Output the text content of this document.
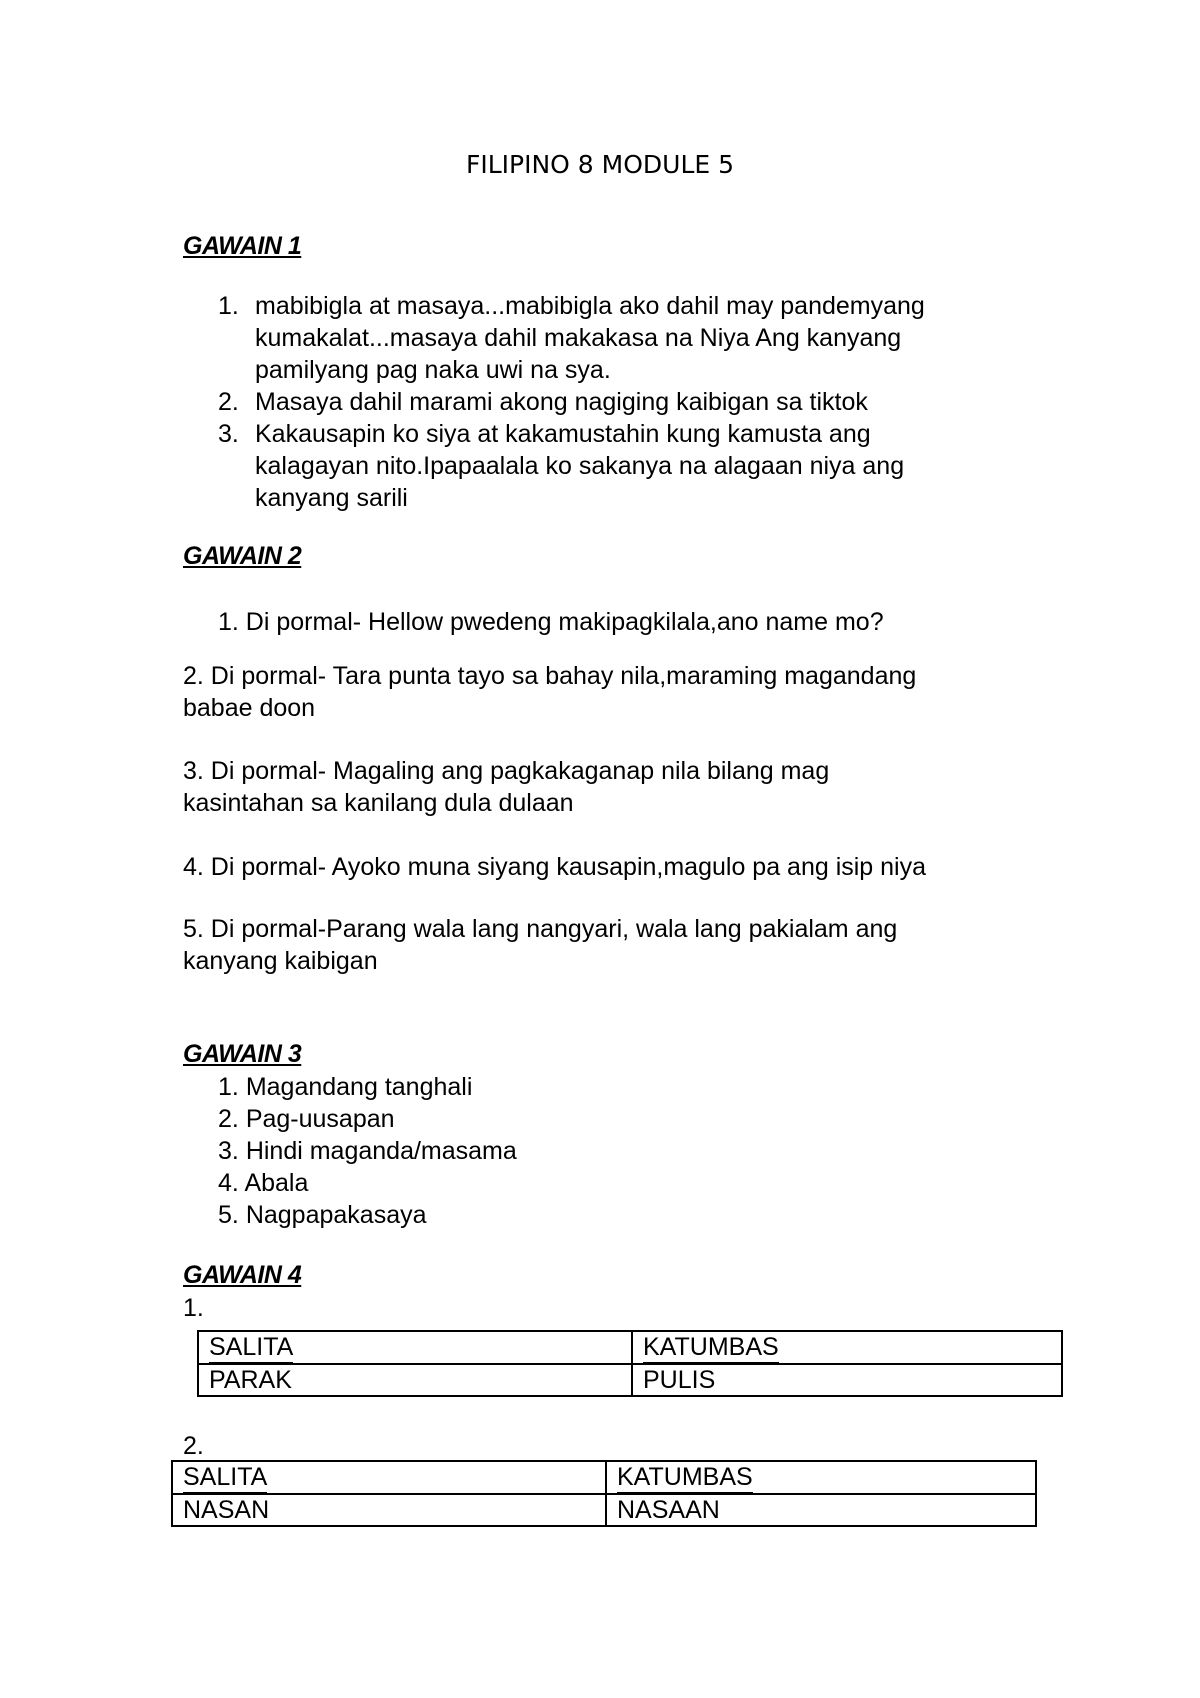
FILIPINO 8 MODULE 5
GAWAIN 1
1. mabibigla at masaya...mabibigla ako dahil may pandemyang
kumakalat...masaya dahil makakasa na Niya Ang kanyang
pamilyang pag naka uwi na sya.
2. Masaya dahil marami akong nagiging kaibigan sa tiktok
3. Kakausapin ko siya at kakamustahin kung kamusta ang
kalagayan nito.Ipapaalala ko sakanya na alagaan niya ang
kanyang sarili
GAWAIN 2
1. Di pormal- Hellow pwedeng makipagkilala,ano name mo?
2. Di pormal- Tara punta tayo sa bahay nila,maraming magandang
babae doon
3. Di pormal- Magaling ang pagkakaganap nila bilang mag
kasintahan sa kanilang dula dulaan
4. Di pormal- Ayoko muna siyang kausapin,magulo pa ang isip niya
5. Di pormal-Parang wala lang nangyari, wala lang pakialam ang
kanyang kaibigan
GAWAIN 3
1. Magandang tanghali
2. Pag-uusapan
3. Hindi maganda/masama
4. Abala
5. Nagpapakasaya
GAWAIN 4
1.
SALITA	KATUMBAS
PARAK	PULIS
2.
SALITA	KATUMBAS
NASAN	NASAAN
